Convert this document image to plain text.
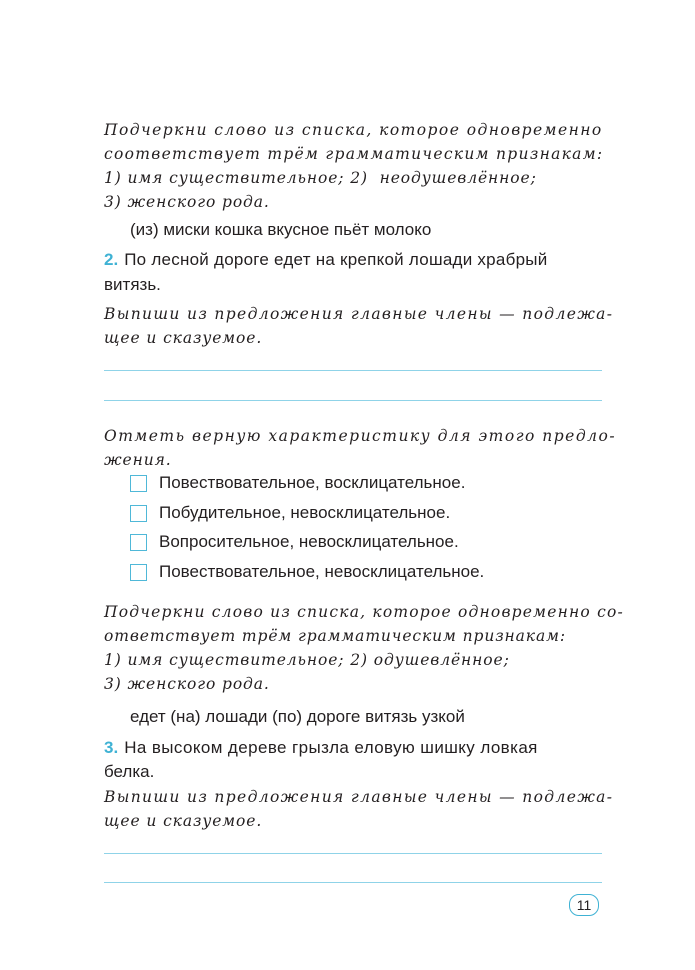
Подчеркни слово из списка, которое одновременно
соответствует трём грамматическим признакам:
1) имя существительное; 2)  неодушевлённое;
3) женского рода.

(из) миски кошка вкусное пьёт молоко

2. По лесной дороге едет на крепкой лошади храбрый

витязь.

Выпиши из предложения главные члены — подлежа-
щее и сказуемое.
Отметь верную характеристику для этого предло-
жения.
Повествовательное, восклицательное.
Побудительное, невосклицательное.
Вопросительное, невосклицательное.
Повествовательное, невосклицательное.
Подчеркни слово из списка, которое одновременно со-
ответствует трём грамматическим признакам:
1) имя существительное; 2) одушевлённое;
3) женского рода.

едет (на) лошади (по) дороге витязь узкой

3. На высоком дереве грызла еловую шишку ловкая

белка.

Выпиши из предложения главные члены — подлежа-
щее и сказуемое.
11
